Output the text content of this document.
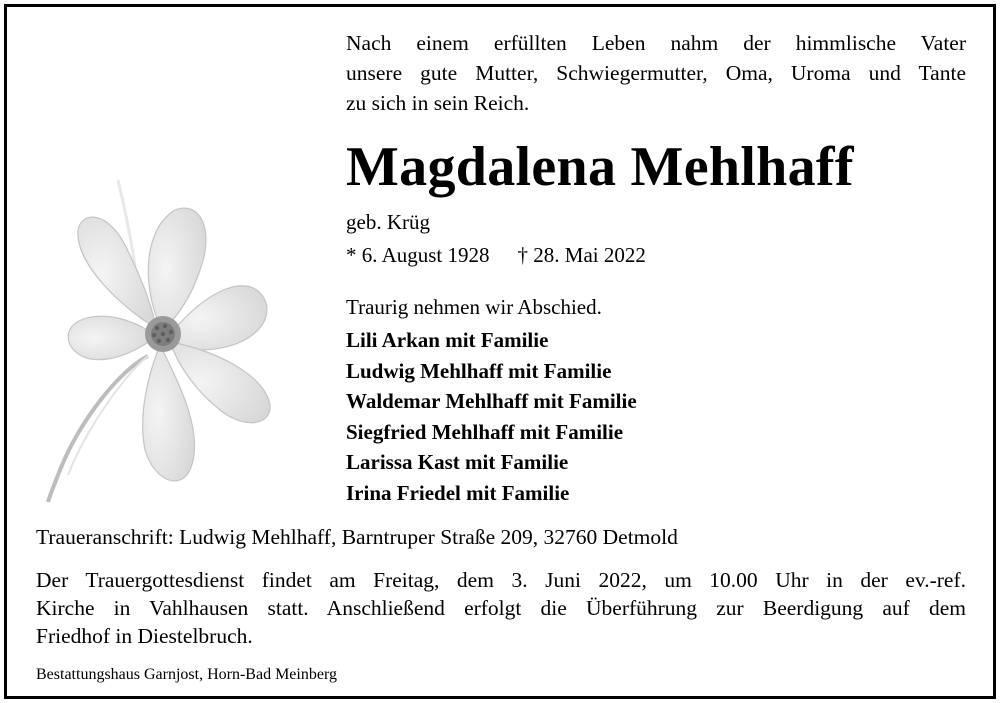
Nach einem erfüllten Leben nahm der himmlische Vater
unsere gute Mutter, Schwiegermutter, Oma, Uroma und Tante
zu sich in sein Reich.
Magdalena Mehlhaff
geb. Krüg
* 6. August 1928 † 28. Mai 2022
Traurig nehmen wir Abschied.
Lili Arkan mit Familie
Ludwig Mehlhaff mit Familie
Waldemar Mehlhaff mit Familie
Siegfried Mehlhaff mit Familie
Larissa Kast mit Familie
Irina Friedel mit Familie
Traueranschrift: Ludwig Mehlhaff, Barntruper Straße 209, 32760 Detmold
Der Trauergottesdienst findet am Freitag, dem 3. Juni 2022, um 10.00 Uhr in der ev.-ref.
Kirche in Vahlhausen statt. Anschließend erfolgt die Überführung zur Beerdigung auf dem
Friedhof in Diestelbruch.
Bestattungshaus Garnjost, Horn-Bad Meinberg
